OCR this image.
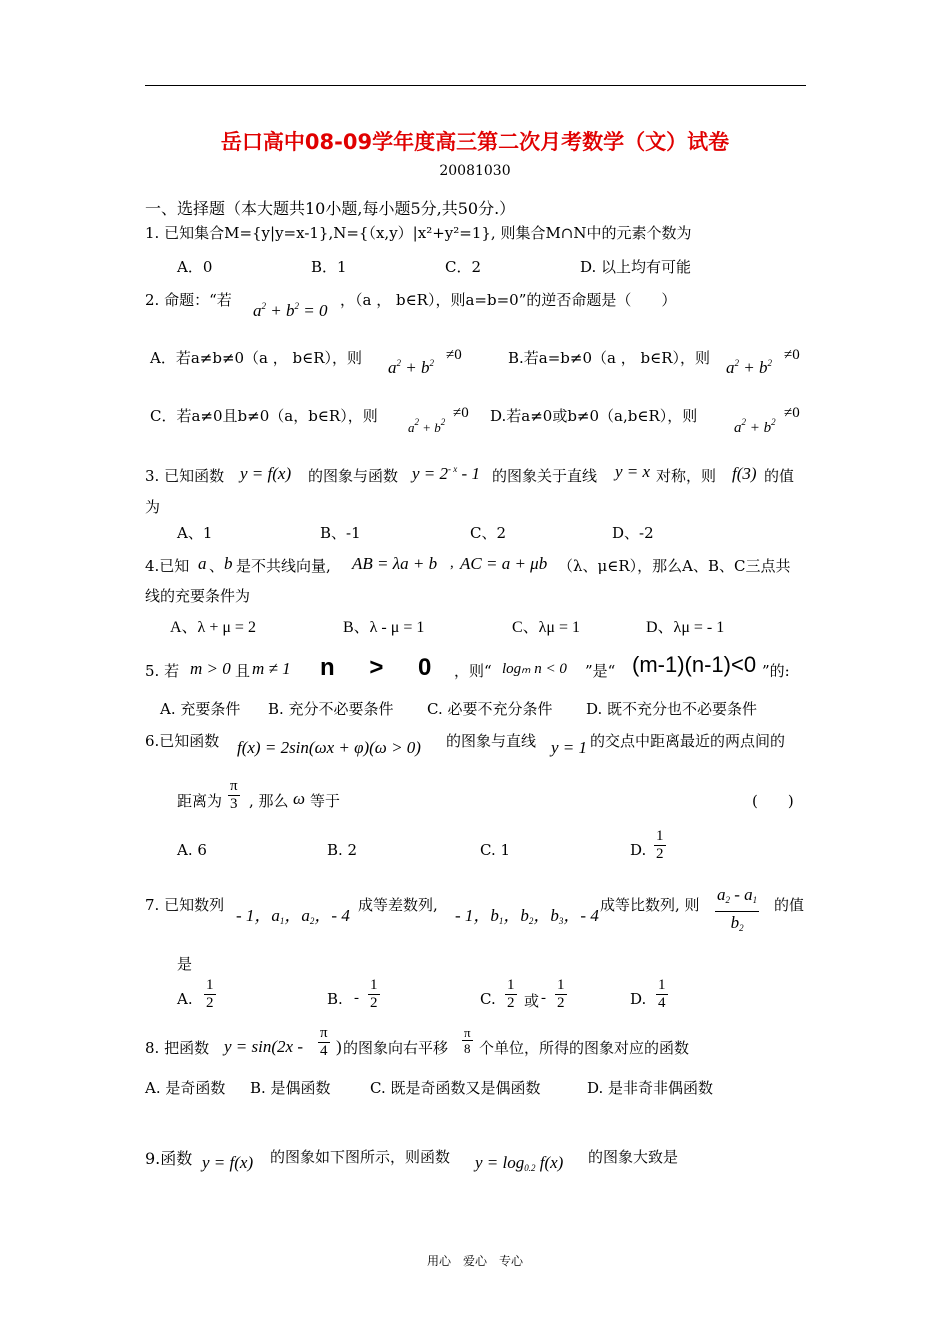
岳口高中08-09学年度高三第二次月考数学（文）试卷
20081030
一、选择题（本大题共10小题,每小题5分,共50分.）
1. 已知集合M={y|y=x-1},N={（x,y）|x²+y²=1}, 则集合M∩N中的元素个数为
A．0	B．1	C．2	D. 以上均有可能
2. 命题：“若
$a^2 + b^2 = 0$
，（a ， b∈R），则a=b=0”的逆否命题是（　　）
A．若a≠b≠0（a ， b∈R），则 $a^2 + b^2 \ne 0$	B.若a=b≠0（a ， b∈R），则 $a^2 + b^2 \ne 0$
C．若a≠0且b≠0（a，b∈R），则
$a^2 + b^2$
≠0 D.若a≠0或b≠0（a,b∈R），则
$a^2 + b^2$
≠0
3. 已知函数 y = f(x) 的图象与函数 $y = 2^{- x} - 1$ 的图象关于直线 y = x 对称，则 f(3) 的值
为
A、1	B、-1	C、2	D、-2
4.已知 a 、 b 是不共线向量, AB = λa + b , AC = a + μb （λ、μ∈R），那么A、B、C三点共
线的充要条件为
A、λ + μ = 2	B、λ - μ = 1	C、λμ = 1	D、λμ = - 1
5. 若 m > 0 且 m ≠ 1 n > 0 ，则“ logₘ n < 0 ”是“ (m-1)(n-1)<0 ”的:
A. 充要条件 B. 充分不必要条件 C. 必要不充分条件 D. 既不充分也不必要条件
6.已知函数 f(x) = 2sin(ωx + φ)(ω > 0) 的图象与直线 y = 1 的交点中距离最近的两点间的
距离为 $\frac{\pi}{3}$ , 那么 ω 等于	(　　)
A. 6	B. 2	C. 1	D. $\frac{1}{2}$
7. 已知数列
- 1，$a_1$，$a_2$，- 4
成等差数列,
- 1，$b_1$，$b_2$，$b_3$，- 4
成等比数列, 则 $\frac{a_2 - a_1}{b_2}$ 的值
是
A. $\frac{1}{2}$	B. - $\frac{1}{2}$	C. $\frac{1}{2}$ 或 - $\frac{1}{2}$	D. $\frac{1}{4}$
8. 把函数 $y = \sin(2x - \frac{\pi}{4}$ ) 的图象向右平移 $\frac{\pi}{8}$ 个单位，所得的图象对应的函数
A. 是奇函数 B. 是偶函数	C. 既是奇函数又是偶函数	D. 是非奇非偶函数
9.函数 y = f(x) 的图象如下图所示，则函数 $y = \log_{0.2} f(x)$ 的图象大致是
用心　爱心　专心
